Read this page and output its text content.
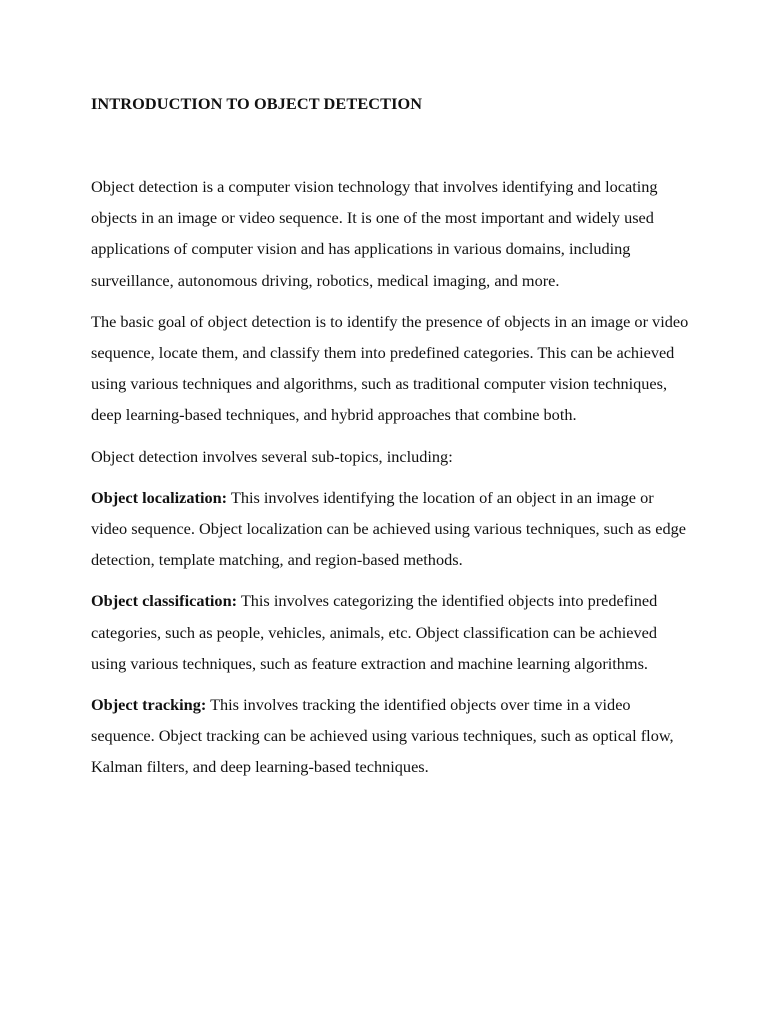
INTRODUCTION TO OBJECT DETECTION

Object detection is a computer vision technology that involves identifying and locating objects in an image or video sequence. It is one of the most important and widely used applications of computer vision and has applications in various domains, including surveillance, autonomous driving, robotics, medical imaging, and more.

The basic goal of object detection is to identify the presence of objects in an image or video sequence, locate them, and classify them into predefined categories. This can be achieved using various techniques and algorithms, such as traditional computer vision techniques, deep learning-based techniques, and hybrid approaches that combine both.

Object detection involves several sub-topics, including:

Object localization: This involves identifying the location of an object in an image or video sequence. Object localization can be achieved using various techniques, such as edge detection, template matching, and region-based methods.

Object classification: This involves categorizing the identified objects into predefined categories, such as people, vehicles, animals, etc. Object classification can be achieved using various techniques, such as feature extraction and machine learning algorithms.

Object tracking: This involves tracking the identified objects over time in a video sequence. Object tracking can be achieved using various techniques, such as optical flow, Kalman filters, and deep learning-based techniques.
